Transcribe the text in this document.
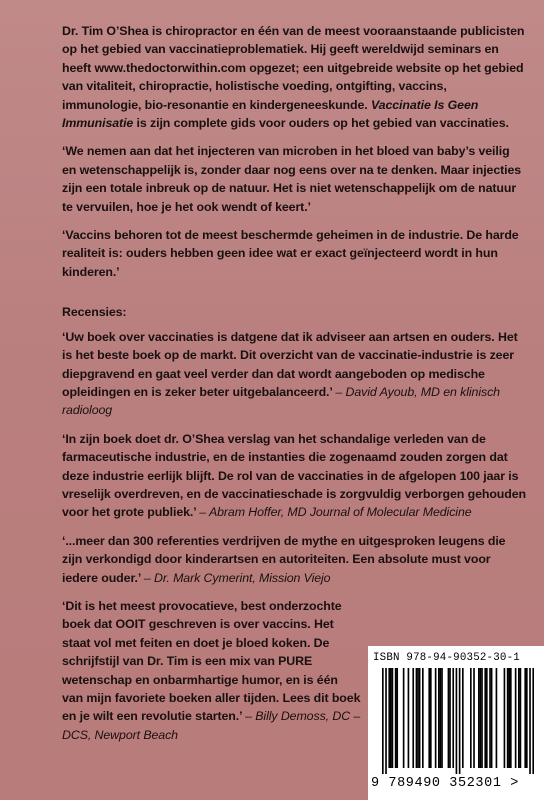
Dr. Tim O’Shea is chiropractor en één van de meest vooraanstaande publicisten op het gebied van vaccinatieproblematiek. Hij geeft wereldwijd seminars en heeft www.thedoctorwithin.com opgezet; een uitgebreide website op het gebied van vitaliteit, chiropractie, holistische voeding, ontgifting, vaccins, immunologie, bio-resonantie en kindergeneeskunde. Vaccinatie Is Geen Immunisatie is zijn complete gids voor ouders op het gebied van vaccinaties.

‘We nemen aan dat het injecteren van microben in het bloed van baby’s veilig en wetenschappelijk is, zonder daar nog eens over na te denken. Maar injecties zijn een totale inbreuk op de natuur. Het is niet wetenschappelijk om de natuur te vervuilen, hoe je het ook wendt of keert.’

‘Vaccins behoren tot de meest beschermde geheimen in de industrie. De harde realiteit is: ouders hebben geen idee wat er exact geïnjecteerd wordt in hun kinderen.’

Recensies:

‘Uw boek over vaccinaties is datgene dat ik adviseer aan artsen en ouders. Het is het beste boek op de markt. Dit overzicht van de vaccinatie-industrie is zeer diepgravend en gaat veel verder dan dat wordt aangeboden op medische opleidingen en is zeker beter uitgebalanceerd.’ – David Ayoub, MD en klinisch radioloog

‘In zijn boek doet dr. O’Shea verslag van het schandalige verleden van de farmaceutische industrie, en de instanties die zogenaamd zouden zorgen dat deze industrie eerlijk blijft. De rol van de vaccinaties in de afgelopen 100 jaar is vreselijk overdreven, en de vaccinatieschade is zorgvuldig verborgen gehouden voor het grote publiek.’ – Abram Hoffer, MD Journal of Molecular Medicine

‘...meer dan 300 referenties verdrijven de mythe en uitgesproken leugens die zijn verkondigd door kinderartsen en autoriteiten. Een absolute must voor iedere ouder.’ – Dr. Mark Cymerint, Mission Viejo

‘Dit is het meest provocatieve, best onderzochte boek dat OOIT geschreven is over vaccins. Het staat vol met feiten en doet je bloed koken. De schrijfstijl van Dr. Tim is een mix van PURE wetenschap en onbarmhartige humor, en is één van mijn favoriete boeken aller tijden. Lees dit boek en je wilt een revolutie starten.’ – Billy Demoss, DC – DCS, Newport Beach

ISBN 978-94-90352-30-1
9 789490 352301 >
